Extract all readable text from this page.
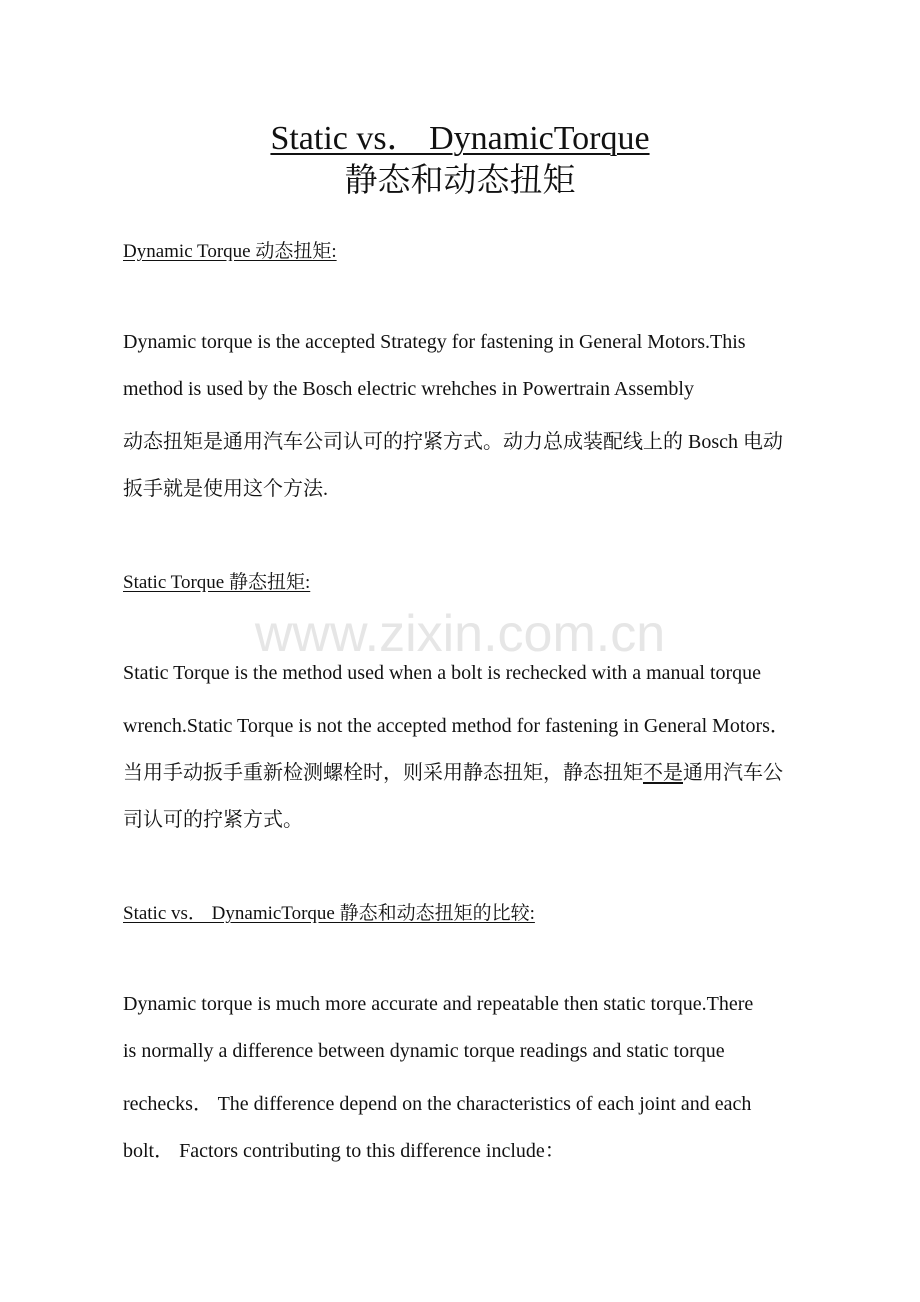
Static vs． DynamicTorque
静态和动态扭矩
Dynamic Torque 动态扭矩:
Dynamic torque is the accepted Strategy for fastening in General Motors.This
method is used by the Bosch electric wrehches in Powertrain Assembly
动态扭矩是通用汽车公司认可的拧紧方式。动力总成装配线上的 Bosch 电动
扳手就是使用这个方法.
Static Torque 静态扭矩:
www.zixin.com.cn
Static Torque is the method used when a bolt is rechecked with a manual torque
wrench.Static Torque is not the accepted method for fastening in General Motors．
当用手动扳手重新检测螺栓时，则采用静态扭矩，静态扭矩不是通用汽车公
司认可的拧紧方式。
Static vs． DynamicTorque 静态和动态扭矩的比较:
Dynamic torque is much more accurate and repeatable then static torque.There
is normally a difference between dynamic torque readings and static torque
rechecks． The difference depend on the characteristics of each joint and each
bolt． Factors contributing to this difference include：
